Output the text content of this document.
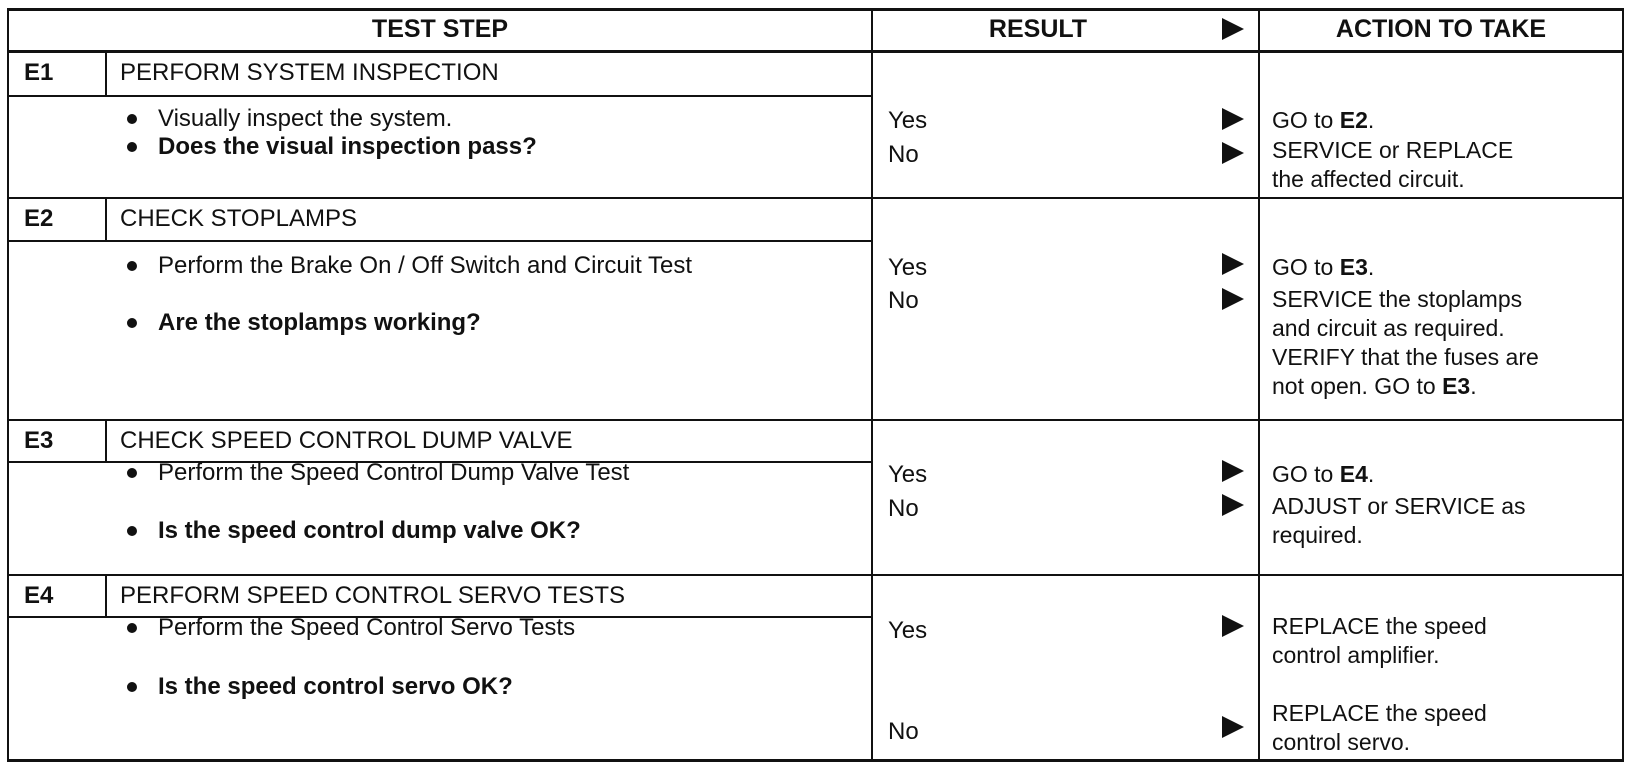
TEST STEP	RESULT	ACTION TO TAKE
E1	PERFORM SYSTEM INSPECTION
Visually inspect the system.
Does the visual inspection pass?
Yes	GO to E2.
No	SERVICE or REPLACE
the affected circuit.
E2	CHECK STOPLAMPS
Perform the Brake On / Off Switch and Circuit Test
Are the stoplamps working?
Yes	GO to E3.
No	SERVICE the stoplamps
and circuit as required.
VERIFY that the fuses are
not open. GO to E3.
E3	CHECK SPEED CONTROL DUMP VALVE
Perform the Speed Control Dump Valve Test
Is the speed control dump valve OK?
Yes	GO to E4.
No	ADJUST or SERVICE as
required.
E4	PERFORM SPEED CONTROL SERVO TESTS
Perform the Speed Control Servo Tests
Is the speed control servo OK?
Yes	REPLACE the speed
control amplifier.
No
REPLACE the speed
control servo.
